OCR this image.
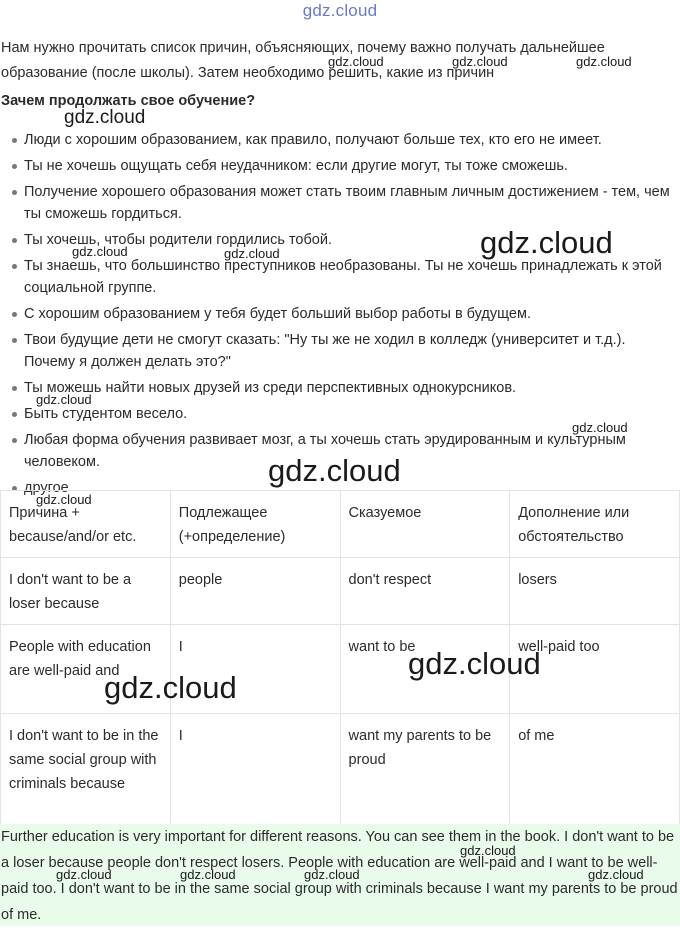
gdz.cloud

Нам нужно прочитать список причин, объясняющих, почему важно получать дальнейшее образование (после школы). Затем необходимо решить, какие из причин

Зачем продолжать свое обучение?

Люди с хорошим образованием, как правило, получают больше тех, кто его не имеет.
Ты не хочешь ощущать себя неудачником: если другие могут, ты тоже сможешь.
Получение хорошего образования может стать твоим главным личным достижением - тем, чем ты сможешь гордиться.
Ты хочешь, чтобы родители гордились тобой.
Ты знаешь, что большинство преступников необразованы. Ты не хочешь принадлежать к этой социальной группе.
С хорошим образованием у тебя будет больший выбор работы в будущем.
Твои будущие дети не смогут сказать: "Ну ты же не ходил в колледж (университет и т.д.). Почему я должен делать это?"
Ты можешь найти новых друзей из среди перспективных однокурсников.
Быть студентом весело.
Любая форма обучения развивает мозг, а ты хочешь стать эрудированным и культурным человеком.
другое
Причина + because/and/or etc.	Подлежащее (+определение)	Сказуемое	Дополнение или обстоятельство
I don't want to be a loser because	people	don't respect	losers
People with education are well-paid and	I	want to be	well-paid too
I don't want to be in the same social group with criminals because	I	want my parents to be proud	of me
Further education is very important for different reasons. You can see them in the book. I don't want to be a loser because people don't respect losers. People with education are well-paid and I want to be well-paid too. I don't want to be in the same social group with criminals because I want my parents to be proud of me.
gdz.cloud	gdz.cloud	gdz.cloud
gdz.cloud
gdz.cloud
gdz.cloud	gdz.cloud
gdz.cloud
gdz.cloud
gdz.cloud
gdz.cloud
gdz.cloud
gdz.cloud
gdz.cloud
gdz.cloud	gdz.cloud	gdz.cloud	gdz.cloud
